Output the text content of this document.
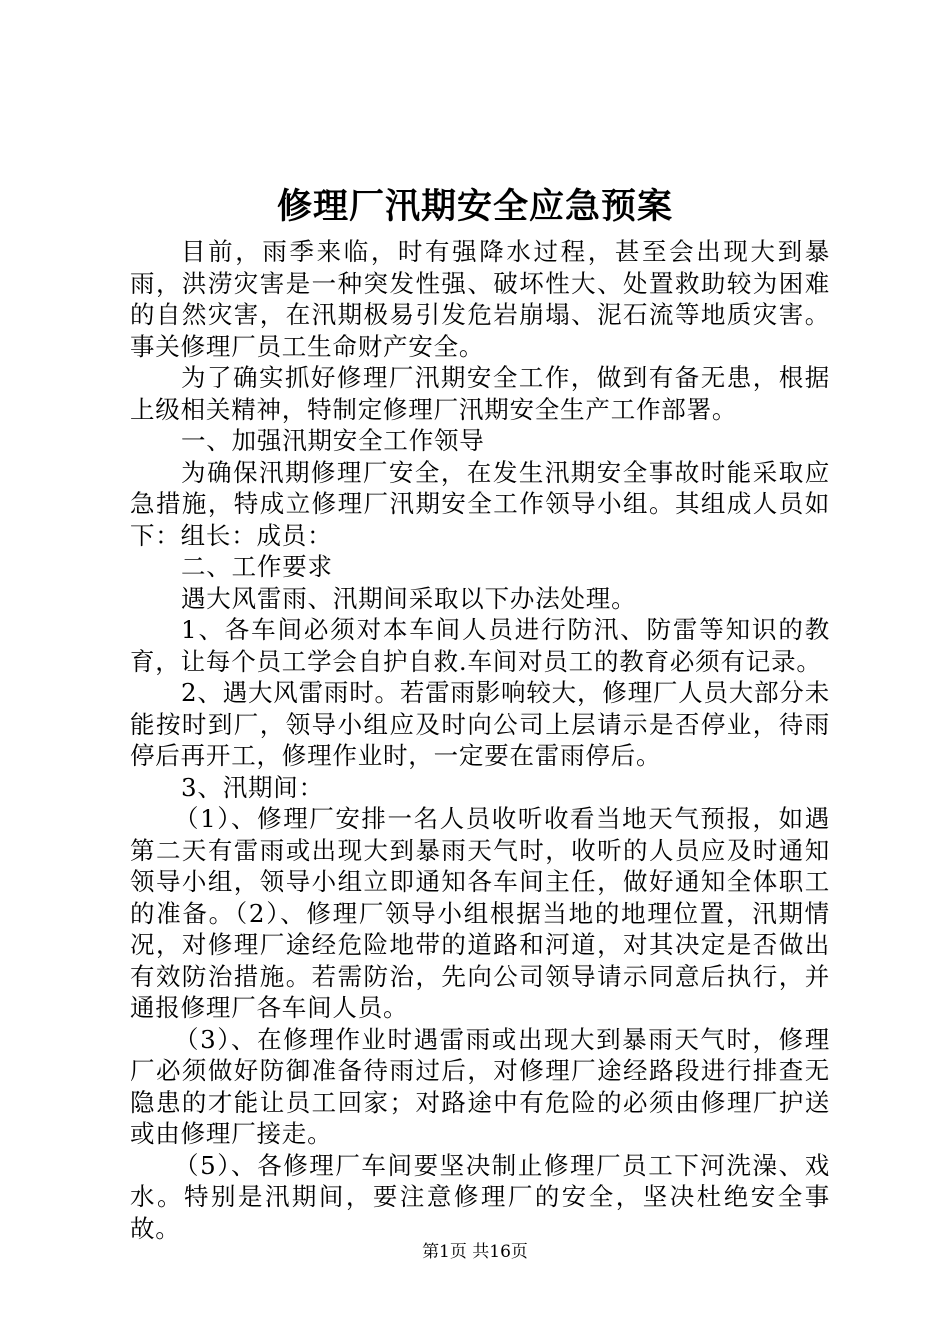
修理厂汛期安全应急预案

目前，雨季来临，时有强降水过程，甚至会出现大到暴雨，洪涝灾害是一种突发性强、破坏性大、处置救助较为困难的自然灾害，在汛期极易引发危岩崩塌、泥石流等地质灾害。事关修理厂员工生命财产安全。

为了确实抓好修理厂汛期安全工作，做到有备无患，根据上级相关精神，特制定修理厂汛期安全生产工作部署。

一、加强汛期安全工作领导

为确保汛期修理厂安全，在发生汛期安全事故时能采取应急措施，特成立修理厂汛期安全工作领导小组。其组成人员如下：组长：成员：

二、工作要求

遇大风雷雨、汛期间采取以下办法处理。

1、各车间必须对本车间人员进行防汛、防雷等知识的教育，让每个员工学会自护自救.车间对员工的教育必须有记录。

2、遇大风雷雨时。若雷雨影响较大，修理厂人员大部分未能按时到厂，领导小组应及时向公司上层请示是否停业，待雨停后再开工，修理作业时，一定要在雷雨停后。

3、汛期间：

（1）、修理厂安排一名人员收听收看当地天气预报，如遇第二天有雷雨或出现大到暴雨天气时，收听的人员应及时通知领导小组，领导小组立即通知各车间主任，做好通知全体职工的准备。（2）、修理厂领导小组根据当地的地理位置，汛期情况，对修理厂途经危险地带的道路和河道，对其决定是否做出有效防治措施。若需防治，先向公司领导请示同意后执行，并通报修理厂各车间人员。

（3）、在修理作业时遇雷雨或出现大到暴雨天气时，修理厂必须做好防御准备待雨过后，对修理厂途经路段进行排查无隐患的才能让员工回家；对路途中有危险的必须由修理厂护送或由修理厂接走。

（5）、各修理厂车间要坚决制止修理厂员工下河洗澡、戏水。特别是汛期间，要注意修理厂的安全，坚决杜绝安全事故。

第1页 共16页
